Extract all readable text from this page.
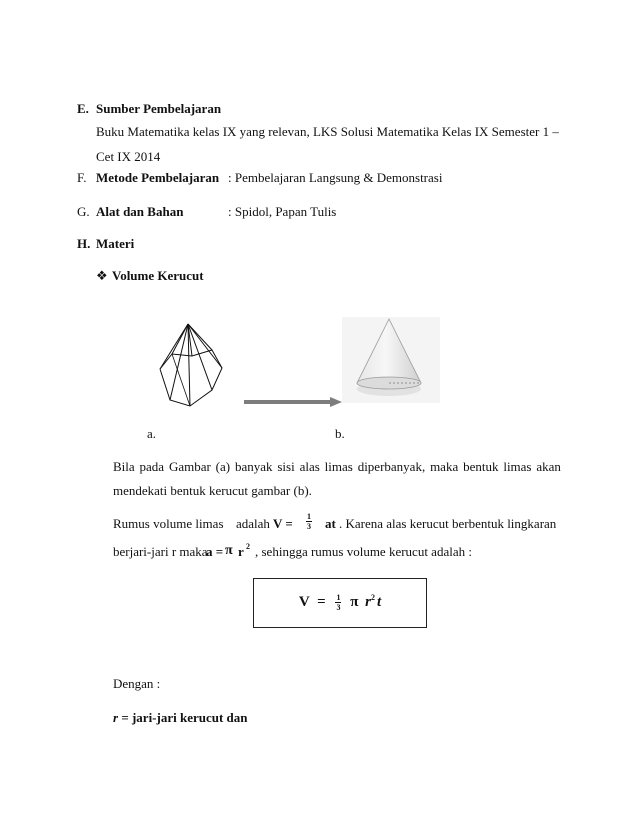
E. Sumber Pembelajaran
Buku Matematika kelas IX yang relevan, LKS Solusi Matematika Kelas IX Semester 1 –
Cet IX 2014
F. Metode Pembelajaran : Pembelajaran Langsung & Demonstrasi
G. Alat dan Bahan	: Spidol, Papan Tulis
H. Materi
❖ Volume Kerucut
a.	b.
Bila pada Gambar (a) banyak sisi alas limas diperbanyak, maka bentuk limas akan
mendekati bentuk kerucut gambar (b).
Rumus volume limas adalah $V = \frac{1}{3}$ at . Karena alas kerucut berbentuk lingkaran
berjari-jari r maka
a = π r 2 , sehingga rumus volume kerucut adalah :
$V = \frac{1}{3}$ π $r^2$ t
Dengan :
r = jari-jari kerucut dan
